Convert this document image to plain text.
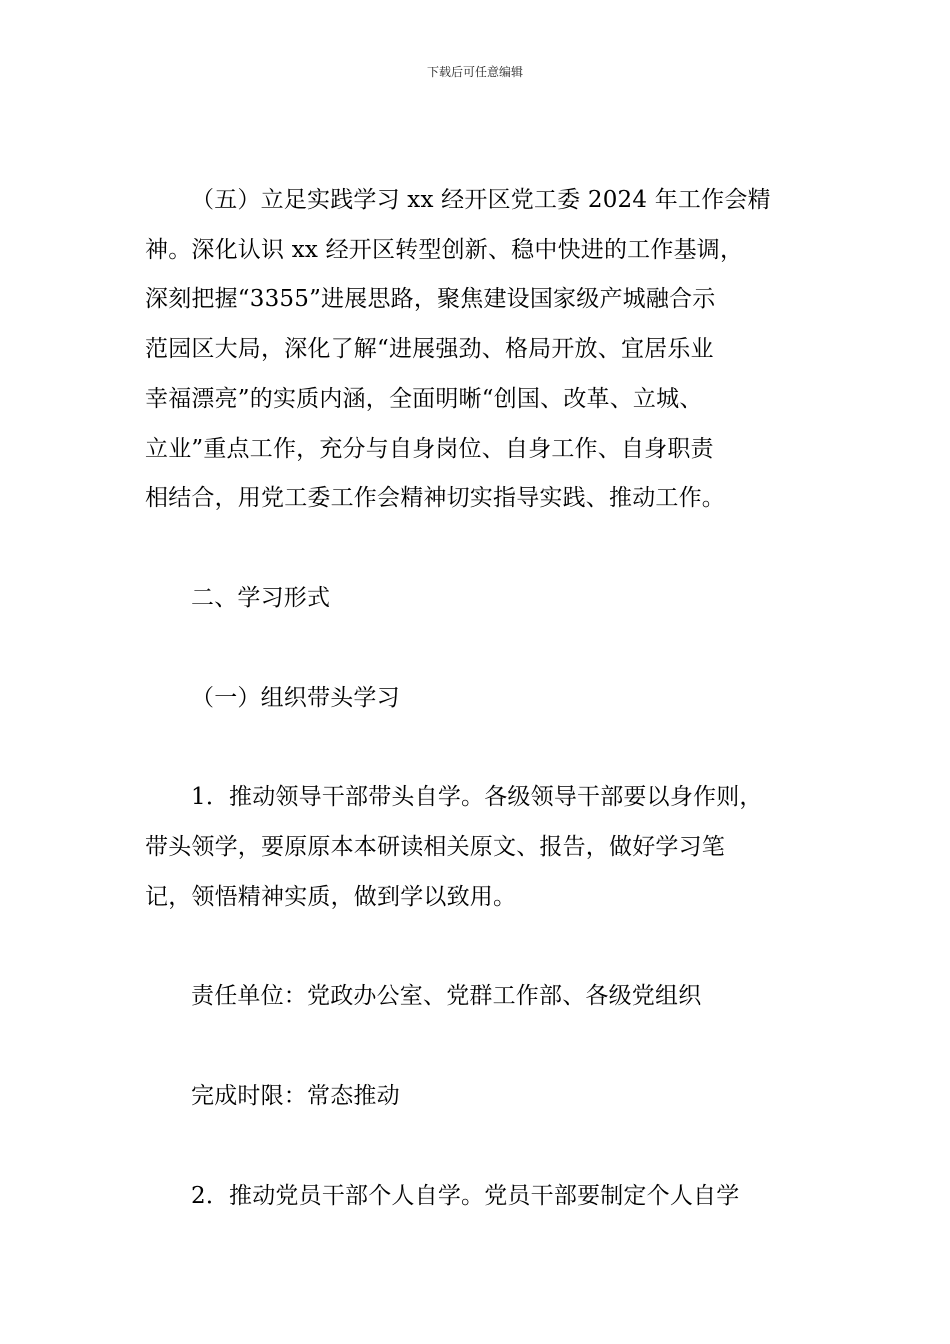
下载后可任意编辑
（五）立足实践学习 xx 经开区党工委 2024 年工作会精
神。深化认识 xx 经开区转型创新、稳中快进的工作基调，
深刻把握“3355”进展思路，聚焦建设国家级产城融合示
范园区大局，深化了解“进展强劲、格局开放、宜居乐业
幸福漂亮”的实质内涵，全面明晰“创国、改革、立城、
立业”重点工作，充分与自身岗位、自身工作、自身职责
相结合，用党工委工作会精神切实指导实践、推动工作。
二、学习形式
（一）组织带头学习
1．推动领导干部带头自学。各级领导干部要以身作则，
带头领学，要原原本本研读相关原文、报告，做好学习笔
记，领悟精神实质，做到学以致用。
责任单位：党政办公室、党群工作部、各级党组织
完成时限：常态推动
2．推动党员干部个人自学。党员干部要制定个人自学
